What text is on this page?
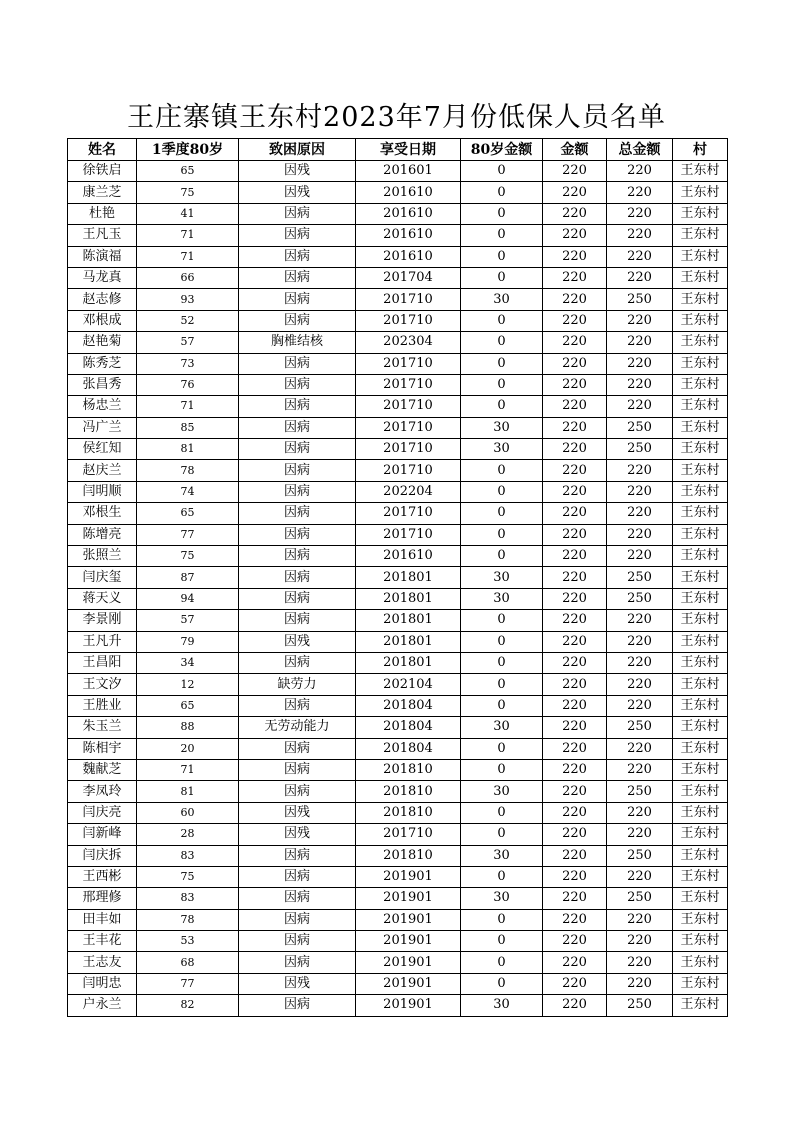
王庄寨镇王东村2023年7月份低保人员名单
姓名	1季度80岁	致困原因	享受日期	80岁金额	金额	总金额	村
徐铁启	65	因残	201601	0	220	220	王东村
康兰芝	75	因残	201610	0	220	220	王东村
杜艳	41	因病	201610	0	220	220	王东村
王凡玉	71	因病	201610	0	220	220	王东村
陈演福	71	因病	201610	0	220	220	王东村
马龙真	66	因病	201704	0	220	220	王东村
赵志修	93	因病	201710	30	220	250	王东村
邓根成	52	因病	201710	0	220	220	王东村
赵艳菊	57	胸椎结核	202304	0	220	220	王东村
陈秀芝	73	因病	201710	0	220	220	王东村
张昌秀	76	因病	201710	0	220	220	王东村
杨忠兰	71	因病	201710	0	220	220	王东村
冯广兰	85	因病	201710	30	220	250	王东村
侯红知	81	因病	201710	30	220	250	王东村
赵庆兰	78	因病	201710	0	220	220	王东村
闫明顺	74	因病	202204	0	220	220	王东村
邓根生	65	因病	201710	0	220	220	王东村
陈增亮	77	因病	201710	0	220	220	王东村
张照兰	75	因病	201610	0	220	220	王东村
闫庆玺	87	因病	201801	30	220	250	王东村
蒋天义	94	因病	201801	30	220	250	王东村
李景刚	57	因病	201801	0	220	220	王东村
王凡升	79	因残	201801	0	220	220	王东村
王昌阳	34	因病	201801	0	220	220	王东村
王文汐	12	缺劳力	202104	0	220	220	王东村
王胜业	65	因病	201804	0	220	220	王东村
朱玉兰	88	无劳动能力	201804	30	220	250	王东村
陈相宇	20	因病	201804	0	220	220	王东村
魏献芝	71	因病	201810	0	220	220	王东村
李凤玲	81	因病	201810	30	220	250	王东村
闫庆亮	60	因残	201810	0	220	220	王东村
闫新峰	28	因残	201710	0	220	220	王东村
闫庆拆	83	因病	201810	30	220	250	王东村
王西彬	75	因病	201901	0	220	220	王东村
邢理修	83	因病	201901	30	220	250	王东村
田丰如	78	因病	201901	0	220	220	王东村
王丰花	53	因病	201901	0	220	220	王东村
王志友	68	因病	201901	0	220	220	王东村
闫明忠	77	因残	201901	0	220	220	王东村
户永兰	82	因病	201901	30	220	250	王东村
